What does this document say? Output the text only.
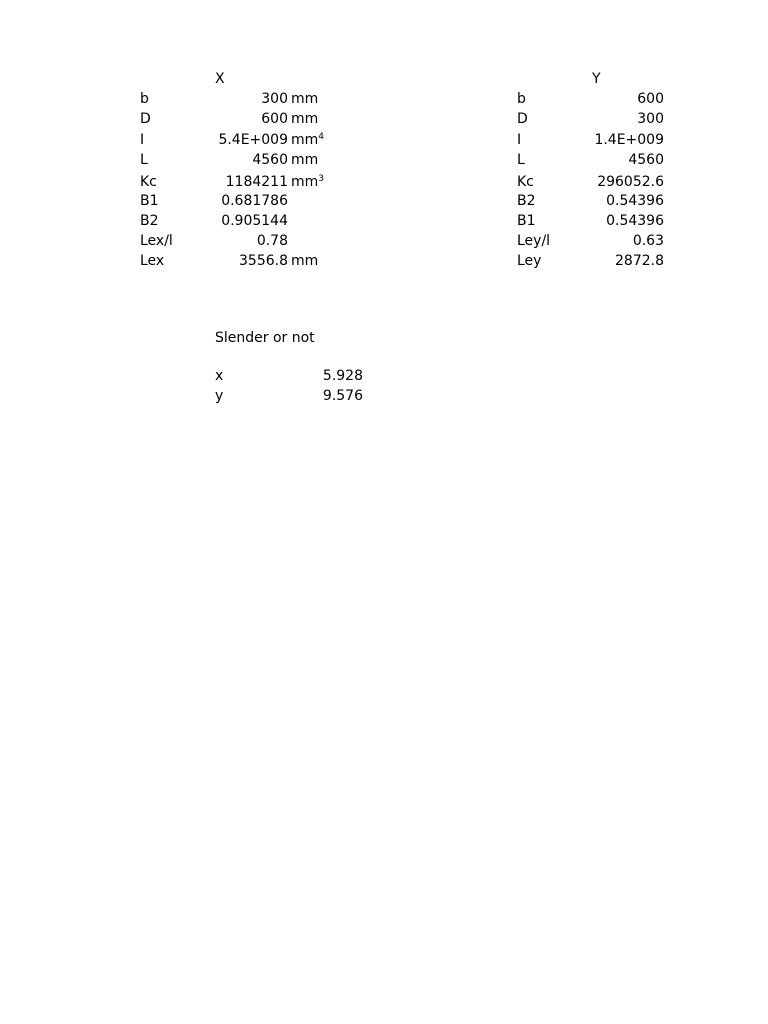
X
b	300 mm
D	600 mm
I	5.4E+009 $mm^4$
L	4560 mm
Kc	1184211 $mm^3$
B1	0.681786
B2	0.905144
Lex/l	0.78
Lex	3556.8 mm
Y
b	600
D	300
I	1.4E+009
L	4560
Kc	296052.6
B2	0.54396
B1	0.54396
Ley/l	0.63
Ley	2872.8
Slender or not
x	5.928
y	9.576
